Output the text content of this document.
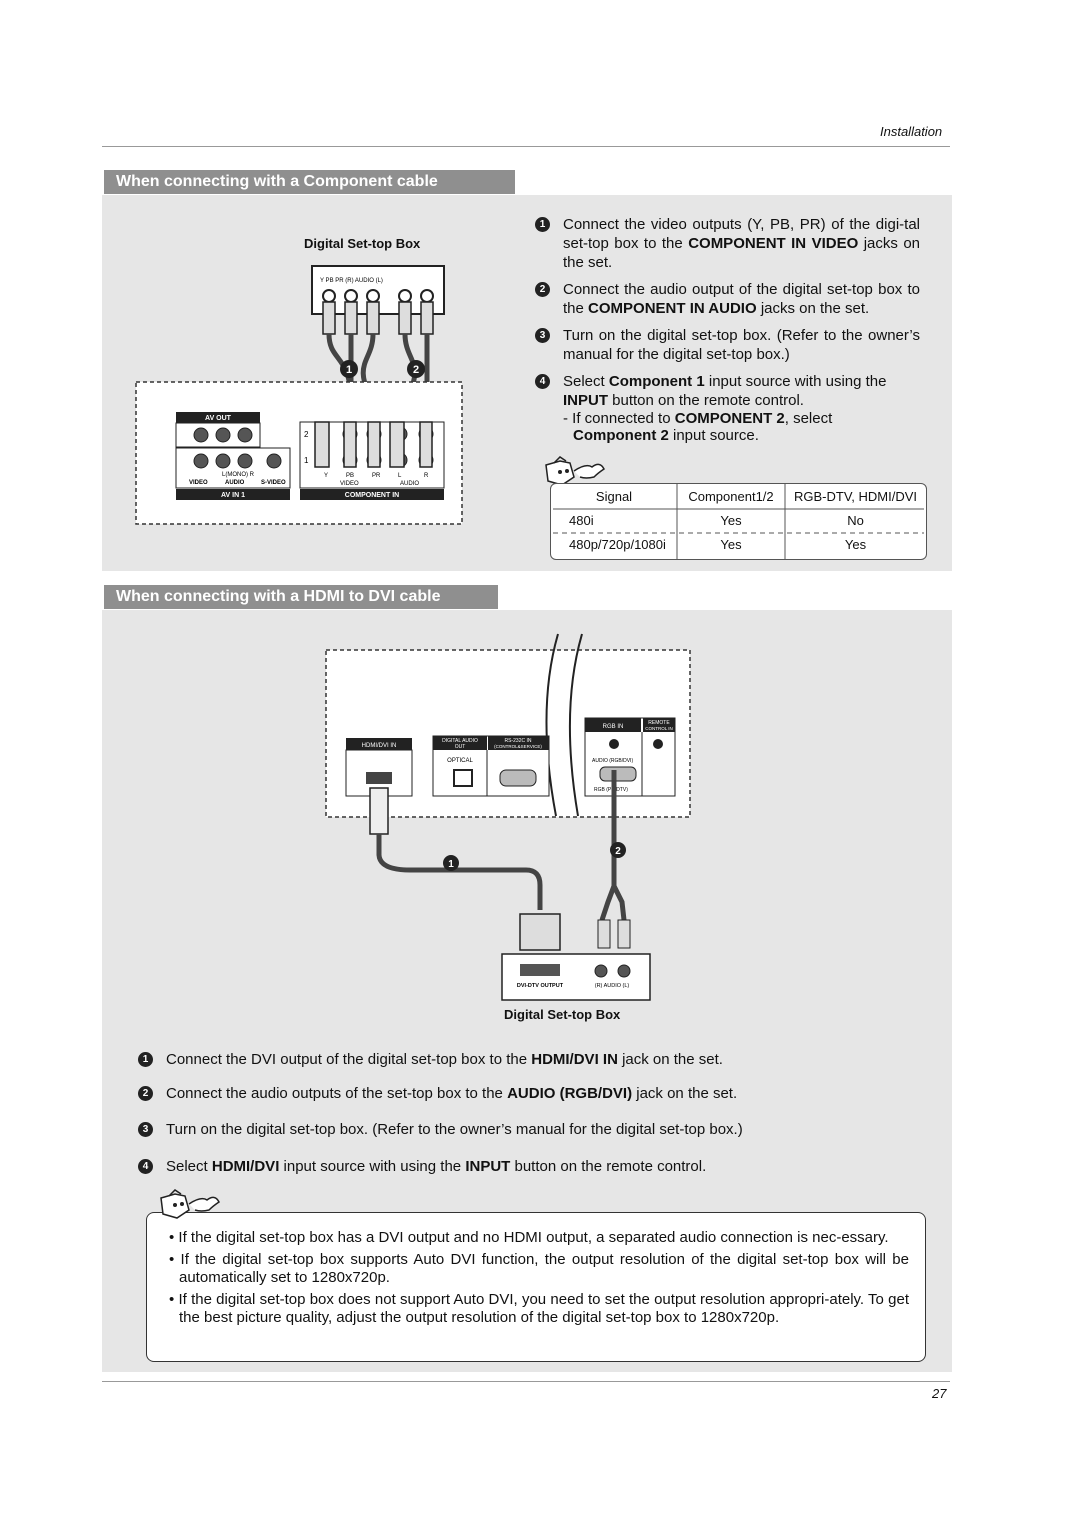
Installation
When connecting with a Component cable
Digital Set-top Box
Y PB PR (R) AUDIO (L)
1	2
AV OUT
VIDEO
L(MONO) R
AUDIO	S-VIDEO
AV IN 1
2
1
Y	PB	PR	L	R
VIDEO	AUDIO
COMPONENT IN
1	Connect the video outputs (Y, PB, PR) of the digi-tal set-top box to the COMPONENT IN VIDEO jacks on the set.
2	Connect the audio output of the digital set-top box to the COMPONENT IN AUDIO jacks on the set.
3	Turn on the digital set-top box. (Refer to the owner’s manual for the digital set-top box.)
4	Select Component 1 input source with using the
INPUT button on the remote control.
- If connected to COMPONENT 2, select
Component 2 input source.
Signal	Component1/2	RGB-DTV, HDMI/DVI
480i	Yes	No
480p/720p/1080i	Yes	Yes
When connecting with a HDMI to DVI cable
HDMI/DVI IN
DIGITAL AUDIO
OUT
RS-232C IN
(CONTROL&SERVICE)
OPTICAL
RGB IN
REMOTE
CONTROL IN
AUDIO (RGB/DVI)
RGB (PC/DTV)
1
2
DVI-DTV OUTPUT	(R) AUDIO (L)
Digital Set-top Box
1	Connect the DVI output of the digital set-top box to the HDMI/DVI IN jack on the set.
2	Connect the audio outputs of the set-top box to the AUDIO (RGB/DVI) jack on the set.
3	Turn on the digital set-top box. (Refer to the owner’s manual for the digital set-top box.)
4	Select HDMI/DVI input source with using the INPUT button on the remote control.

• If the digital set-top box has a DVI output and no HDMI output, a separated audio connection is nec-essary.

• If the digital set-top box supports Auto DVI function, the output resolution of the digital set-top box will be automatically set to 1280x720p.

• If the digital set-top box does not support Auto DVI, you need to set the output resolution appropri-ately. To get the best picture quality, adjust the output resolution of the digital set-top box to 1280x720p.

27
